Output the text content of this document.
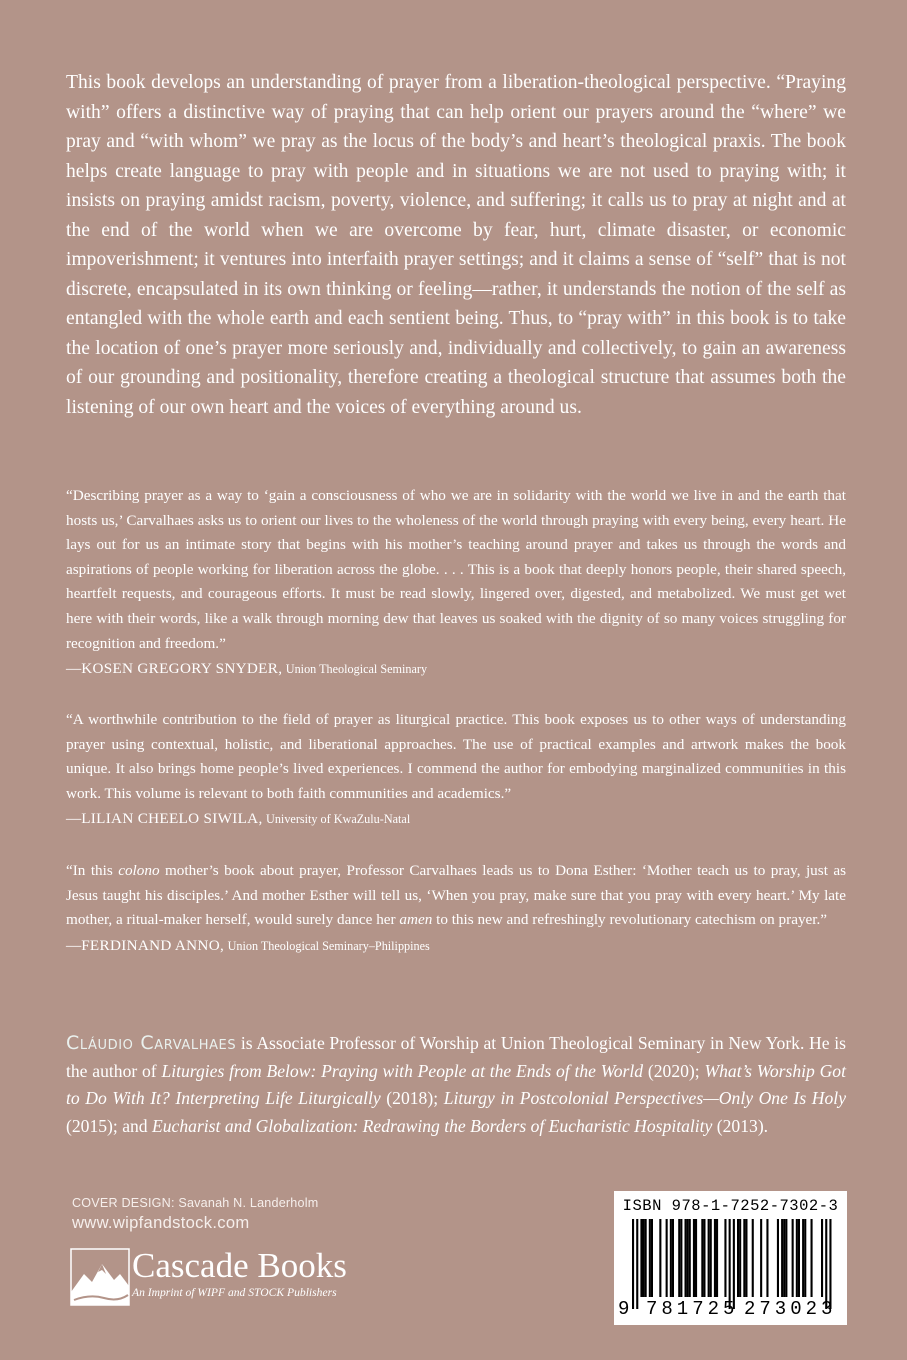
This book develops an understanding of prayer from a liberation-theological perspective. “Praying with” offers a distinctive way of praying that can help orient our prayers around the “where” we pray and “with whom” we pray as the locus of the body’s and heart’s theological praxis. The book helps create language to pray with people and in situations we are not used to praying with; it insists on praying amidst racism, poverty, violence, and suffering; it calls us to pray at night and at the end of the world when we are overcome by fear, hurt, climate disaster, or economic impoverishment; it ventures into interfaith prayer settings; and it claims a sense of “self” that is not discrete, encapsulated in its own thinking or feeling—rather, it understands the notion of the self as entangled with the whole earth and each sentient being. Thus, to “pray with” in this book is to take the location of one’s prayer more seriously and, individually and collectively, to gain an awareness of our grounding and positionality, therefore creating a theological structure that assumes both the listening of our own heart and the voices of everything around us.

“Describing prayer as a way to ‘gain a consciousness of who we are in solidarity with the world we live in and the earth that hosts us,’ Carvalhaes asks us to orient our lives to the wholeness of the world through praying with every being, every heart. He lays out for us an intimate story that begins with his mother’s teaching around prayer and takes us through the words and aspirations of people working for liberation across the globe. . . . This is a book that deeply honors people, their shared speech, heartfelt requests, and courageous efforts. It must be read slowly, lingered over, digested, and metabolized. We must get wet here with their words, like a walk through morning dew that leaves us soaked with the dignity of so many voices struggling for recognition and freedom.”

—KOSEN GREGORY SNYDER, Union Theological Seminary

“A worthwhile contribution to the field of prayer as liturgical practice. This book exposes us to other ways of understanding prayer using contextual, holistic, and liberational approaches. The use of practical examples and artwork makes the book unique. It also brings home people’s lived experiences. I commend the author for embodying marginalized communities in this work. This volume is relevant to both faith communities and academics.”

—LILIAN CHEELO SIWILA, University of KwaZulu-Natal

“In this colono mother’s book about prayer, Professor Carvalhaes leads us to Dona Esther: ‘Mother teach us to pray, just as Jesus taught his disciples.’ And mother Esther will tell us, ‘When you pray, make sure that you pray with every heart.’ My late mother, a ritual-maker herself, would surely dance her amen to this new and refreshingly revolutionary catechism on prayer.”

—FERDINAND ANNO, Union Theological Seminary–Philippines

Cláudio Carvalhaes is Associate Professor of Worship at Union Theological Seminary in New York. He is the author of Liturgies from Below: Praying with People at the Ends of the World (2020); What’s Worship Got to Do With It? Interpreting Life Liturgically (2018); Liturgy in Postcolonial Perspectives—Only One Is Holy (2015); and Eucharist and Globalization: Redrawing the Borders of Eucharistic Hospitality (2013).

COVER DESIGN: Savanah N. Landerholm
www.wipfandstock.com
Cascade Books
An Imprint of WIPF and STOCK Publishers
ISBN 978-1-7252-7302-3
9 781725 273023
